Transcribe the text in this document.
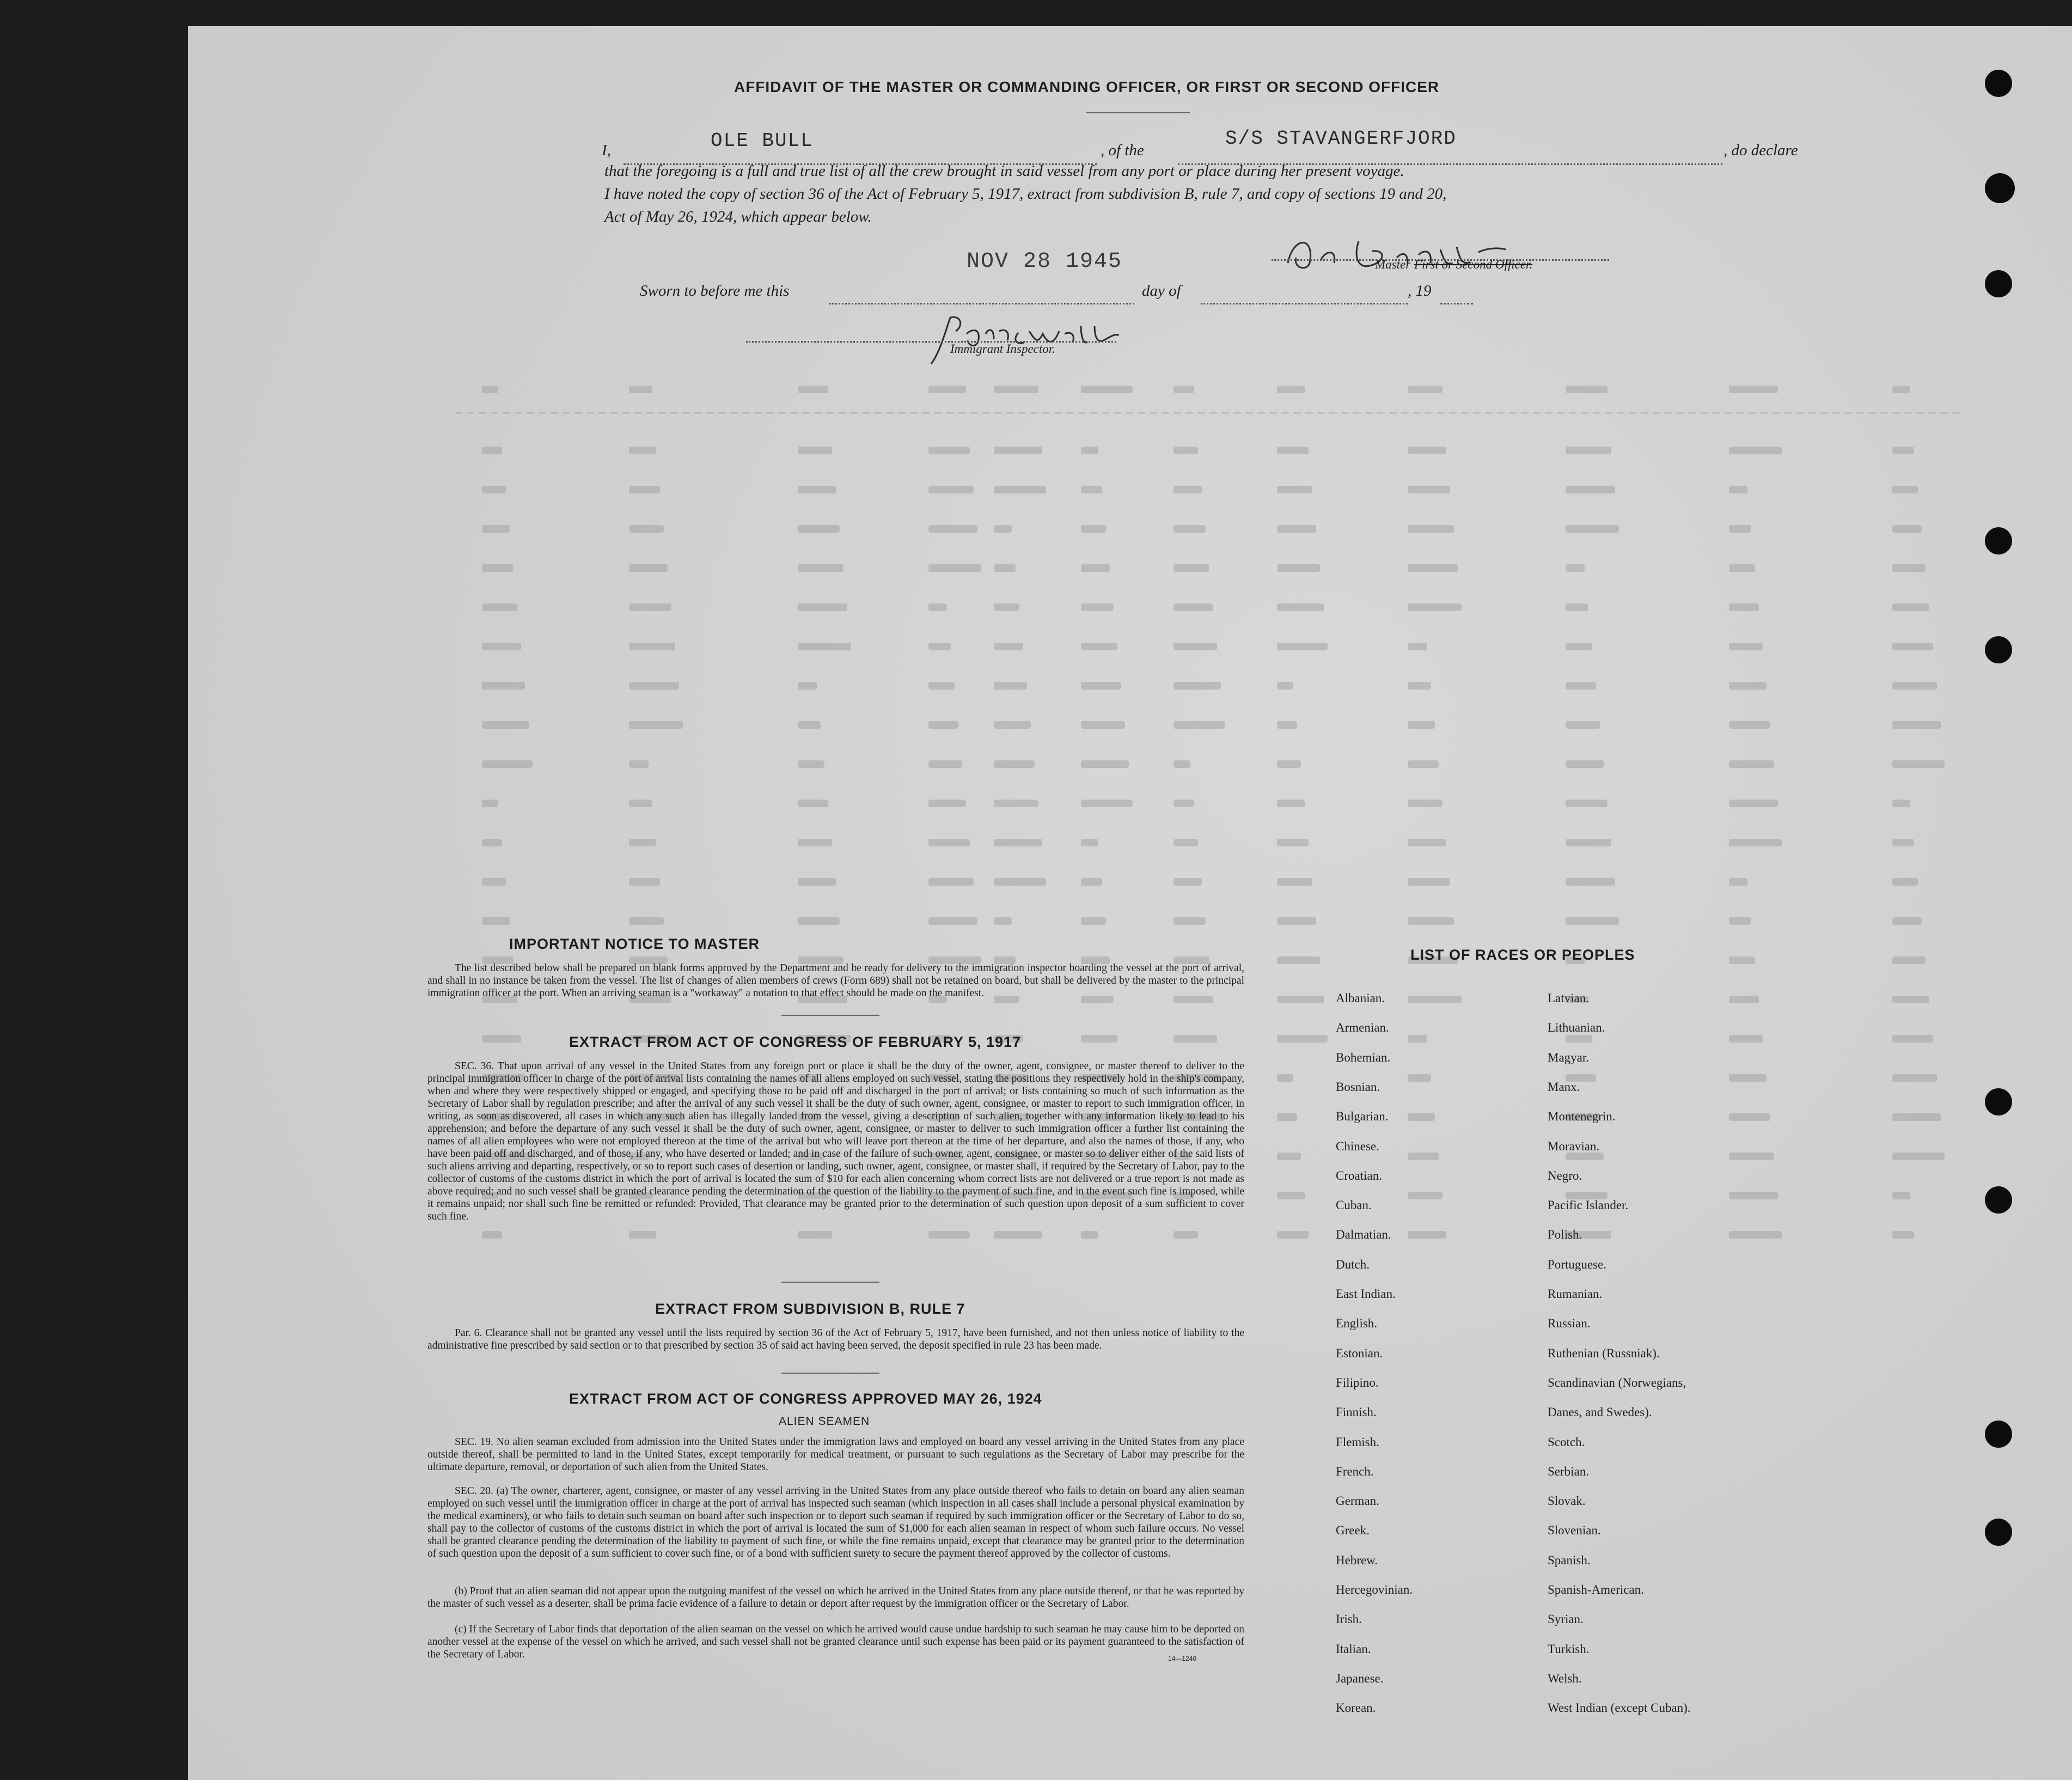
AFFIDAVIT OF THE MASTER OR COMMANDING OFFICER, OR FIRST OR SECOND OFFICER
I,	OLE BULL	, of the
S/S STAVANGERFJORD
, do declare
that the foregoing is a full and true list of all the crew brought in said vessel from any port or place during her present voyage.
I have noted the copy of section 36 of the Act of February 5, 1917, extract from subdivision B, rule 7, and copy of sections 19 and 20,
Act of May 26, 1924, which appear below.
Master First or Second Officer.
NOV 28 1945
Sworn to before me this	day of	, 19
Immigrant Inspector.
IMPORTANT NOTICE TO MASTER
The list described below shall be prepared on blank forms approved by the Department and be ready for delivery to the immigration inspector boarding the vessel at the port of arrival, and shall in no instance be taken from the vessel. The list of changes of alien members of crews (Form 689) shall not be retained on board, but shall be delivered by the master to the principal immigration officer at the port. When an arriving seaman is a "workaway" a notation to that effect should be made on the manifest.
EXTRACT FROM ACT OF CONGRESS OF FEBRUARY 5, 1917
SEC. 36. That upon arrival of any vessel in the United States from any foreign port or place it shall be the duty of the owner, agent, consignee, or master thereof to deliver to the principal immigration officer in charge of the port of arrival lists containing the names of all aliens employed on such vessel, stating the positions they respectively hold in the ship's company, when and where they were respectively shipped or engaged, and specifying those to be paid off and discharged in the port of arrival; or lists containing so much of such information as the Secretary of Labor shall by regulation prescribe; and after the arrival of any such vessel it shall be the duty of such owner, agent, consignee, or master to report to such immigration officer, in writing, as soon as discovered, all cases in which any such alien has illegally landed from the vessel, giving a description of such alien, together with any information likely to lead to his apprehension; and before the departure of any such vessel it shall be the duty of such owner, agent, consignee, or master to deliver to such immigration officer a further list containing the names of all alien employees who were not employed thereon at the time of the arrival but who will leave port thereon at the time of her departure, and also the names of those, if any, who have been paid off and discharged, and of those, if any, who have deserted or landed; and in case of the failure of such owner, agent, consignee, or master so to deliver either of the said lists of such aliens arriving and departing, respectively, or so to report such cases of desertion or landing, such owner, agent, consignee, or master shall, if required by the Secretary of Labor, pay to the collector of customs of the customs district in which the port of arrival is located the sum of $10 for each alien concerning whom correct lists are not delivered or a true report is not made as above required; and no such vessel shall be granted clearance pending the determination of the question of the liability to the payment of such fine, and in the event such fine is imposed, while it remains unpaid; nor shall such fine be remitted or refunded: Provided, That clearance may be granted prior to the determination of such question upon deposit of a sum sufficient to cover such fine.
EXTRACT FROM SUBDIVISION B, RULE 7
Par. 6. Clearance shall not be granted any vessel until the lists required by section 36 of the Act of February 5, 1917, have been furnished, and not then unless notice of liability to the administrative fine prescribed by said section or to that prescribed by section 35 of said act having been served, the deposit specified in rule 23 has been made.
EXTRACT FROM ACT OF CONGRESS APPROVED MAY 26, 1924
ALIEN SEAMEN
SEC. 19. No alien seaman excluded from admission into the United States under the immigration laws and employed on board any vessel arriving in the United States from any place outside thereof, shall be permitted to land in the United States, except temporarily for medical treatment, or pursuant to such regulations as the Secretary of Labor may prescribe for the ultimate departure, removal, or deportation of such alien from the United States.
SEC. 20. (a) The owner, charterer, agent, consignee, or master of any vessel arriving in the United States from any place outside thereof who fails to detain on board any alien seaman employed on such vessel until the immigration officer in charge at the port of arrival has inspected such seaman (which inspection in all cases shall include a personal physical examination by the medical examiners), or who fails to detain such seaman on board after such inspection or to deport such seaman if required by such immigration officer or the Secretary of Labor to do so, shall pay to the collector of customs of the customs district in which the port of arrival is located the sum of $1,000 for each alien seaman in respect of whom such failure occurs. No vessel shall be granted clearance pending the determination of the liability to payment of such fine, or while the fine remains unpaid, except that clearance may be granted prior to the determination of such question upon the deposit of a sum sufficient to cover such fine, or of a bond with sufficient surety to secure the payment thereof approved by the collector of customs.
(b) Proof that an alien seaman did not appear upon the outgoing manifest of the vessel on which he arrived in the United States from any place outside thereof, or that he was reported by the master of such vessel as a deserter, shall be prima facie evidence of a failure to detain or deport after request by the immigration officer or the Secretary of Labor.
(c) If the Secretary of Labor finds that deportation of the alien seaman on the vessel on which he arrived would cause undue hardship to such seaman he may cause him to be deported on another vessel at the expense of the vessel on which he arrived, and such vessel shall not be granted clearance until such expense has been paid or its payment guaranteed to the satisfaction of the Secretary of Labor.	14—1240
LIST OF RACES OR PEOPLES
Albanian.
Armenian.
Bohemian.
Bosnian.
Bulgarian.
Chinese.
Croatian.
Cuban.
Dalmatian.
Dutch.
East Indian.
English.
Estonian.
Filipino.
Finnish.
Flemish.
French.
German.
Greek.
Hebrew.
Hercegovinian.
Irish.
Italian.
Japanese.
Korean.
Latvian.
Lithuanian.
Magyar.
Manx.
Montenegrin.
Moravian.
Negro.
Pacific Islander.
Polish.
Portuguese.
Rumanian.
Russian.
Ruthenian (Russniak).
Scandinavian (Norwegians,
Danes, and Swedes).
Scotch.
Serbian.
Slovak.
Slovenian.
Spanish.
Spanish-American.
Syrian.
Turkish.
Welsh.
West Indian (except Cuban).
